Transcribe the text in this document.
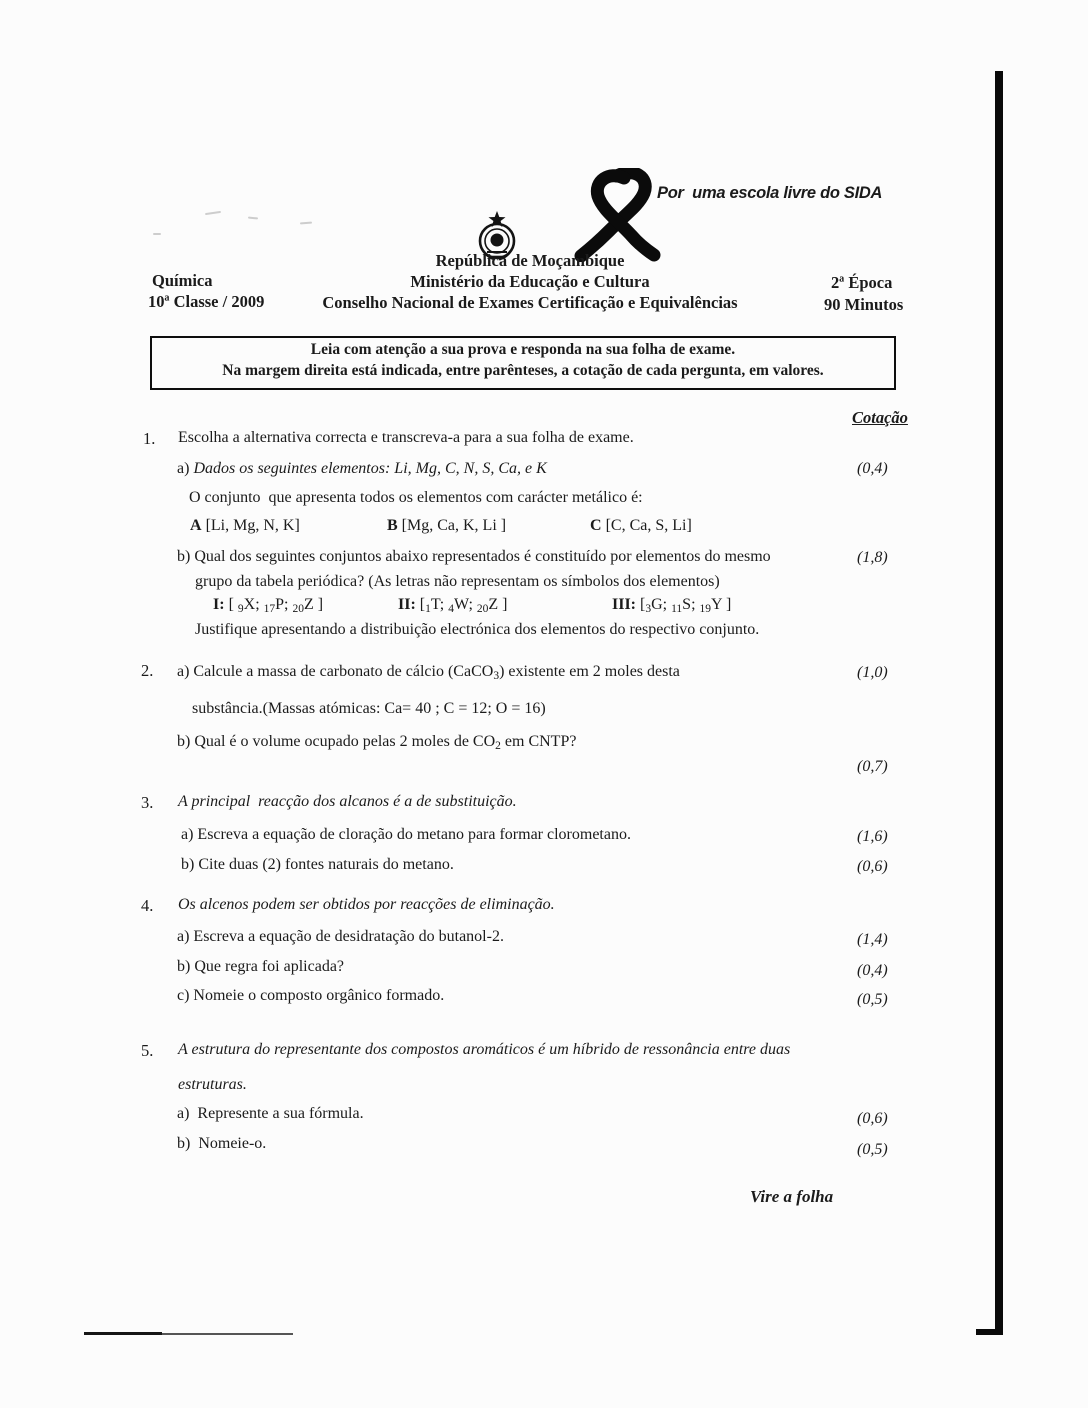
Por  uma escola livre do SIDA
República de Moçambique
Ministério da Educação e Cultura
Conselho Nacional de Exames Certificação e Equivalências
Química
10ª Classe / 2009
2ª Época
90 Minutos
Leia com atenção a sua prova e responda na sua folha de exame.
Na margem direita está indicada, entre parênteses, a cotação de cada pergunta, em valores.
Cotação
1. Escolha a alternativa correcta e transcreva-a para a sua folha de exame.
a) Dados os seguintes elementos: Li, Mg, C, N, S, Ca, e K	(0,4)
O conjunto  que apresenta todos os elementos com carácter metálico é:
A [Li, Mg, N, K]	B [Mg, Ca, K, Li ]	C [C, Ca, S, Li]
b) Qual dos seguintes conjuntos abaixo representados é constituído por elementos do mesmo	(1,8)
grupo da tabela periódica? (As letras não representam os símbolos dos elementos)
I: [ $_9$X; $_{17}$P; $_{20}$Z ]	II: [$_1T$; $_4$W; $_{20}$Z ]	III: [$_3G$; $_{11}$S; $_{19}$Y ]
Justifique apresentando a distribuição electrónica dos elementos do respectivo conjunto.
2. a) Calcule a massa de carbonato de cálcio (CaCO$_3$) existente em 2 moles desta	(1,0)
substância.(Massas atómicas: Ca= 40 ; C = 12; O = 16)
b) Qual é o volume ocupado pelas 2 moles de $CO_2$ em CNTP?
(0,7)
3. A principal  reacção dos alcanos é a de substituição.
a) Escreva a equação de cloração do metano para formar clorometano.	(1,6)
b) Cite duas (2) fontes naturais do metano.	(0,6)
4. Os alcenos podem ser obtidos por reacções de eliminação.
a) Escreva a equação de desidratação do butanol-2.	(1,4)
b) Que regra foi aplicada?	(0,4)
c) Nomeie o composto orgânico formado.	(0,5)
5. A estrutura do representante dos compostos aromáticos é um híbrido de ressonância entre duas
estruturas.
a)  Represente a sua fórmula.	(0,6)
b)  Nomeie-o.	(0,5)
Vire a folha
